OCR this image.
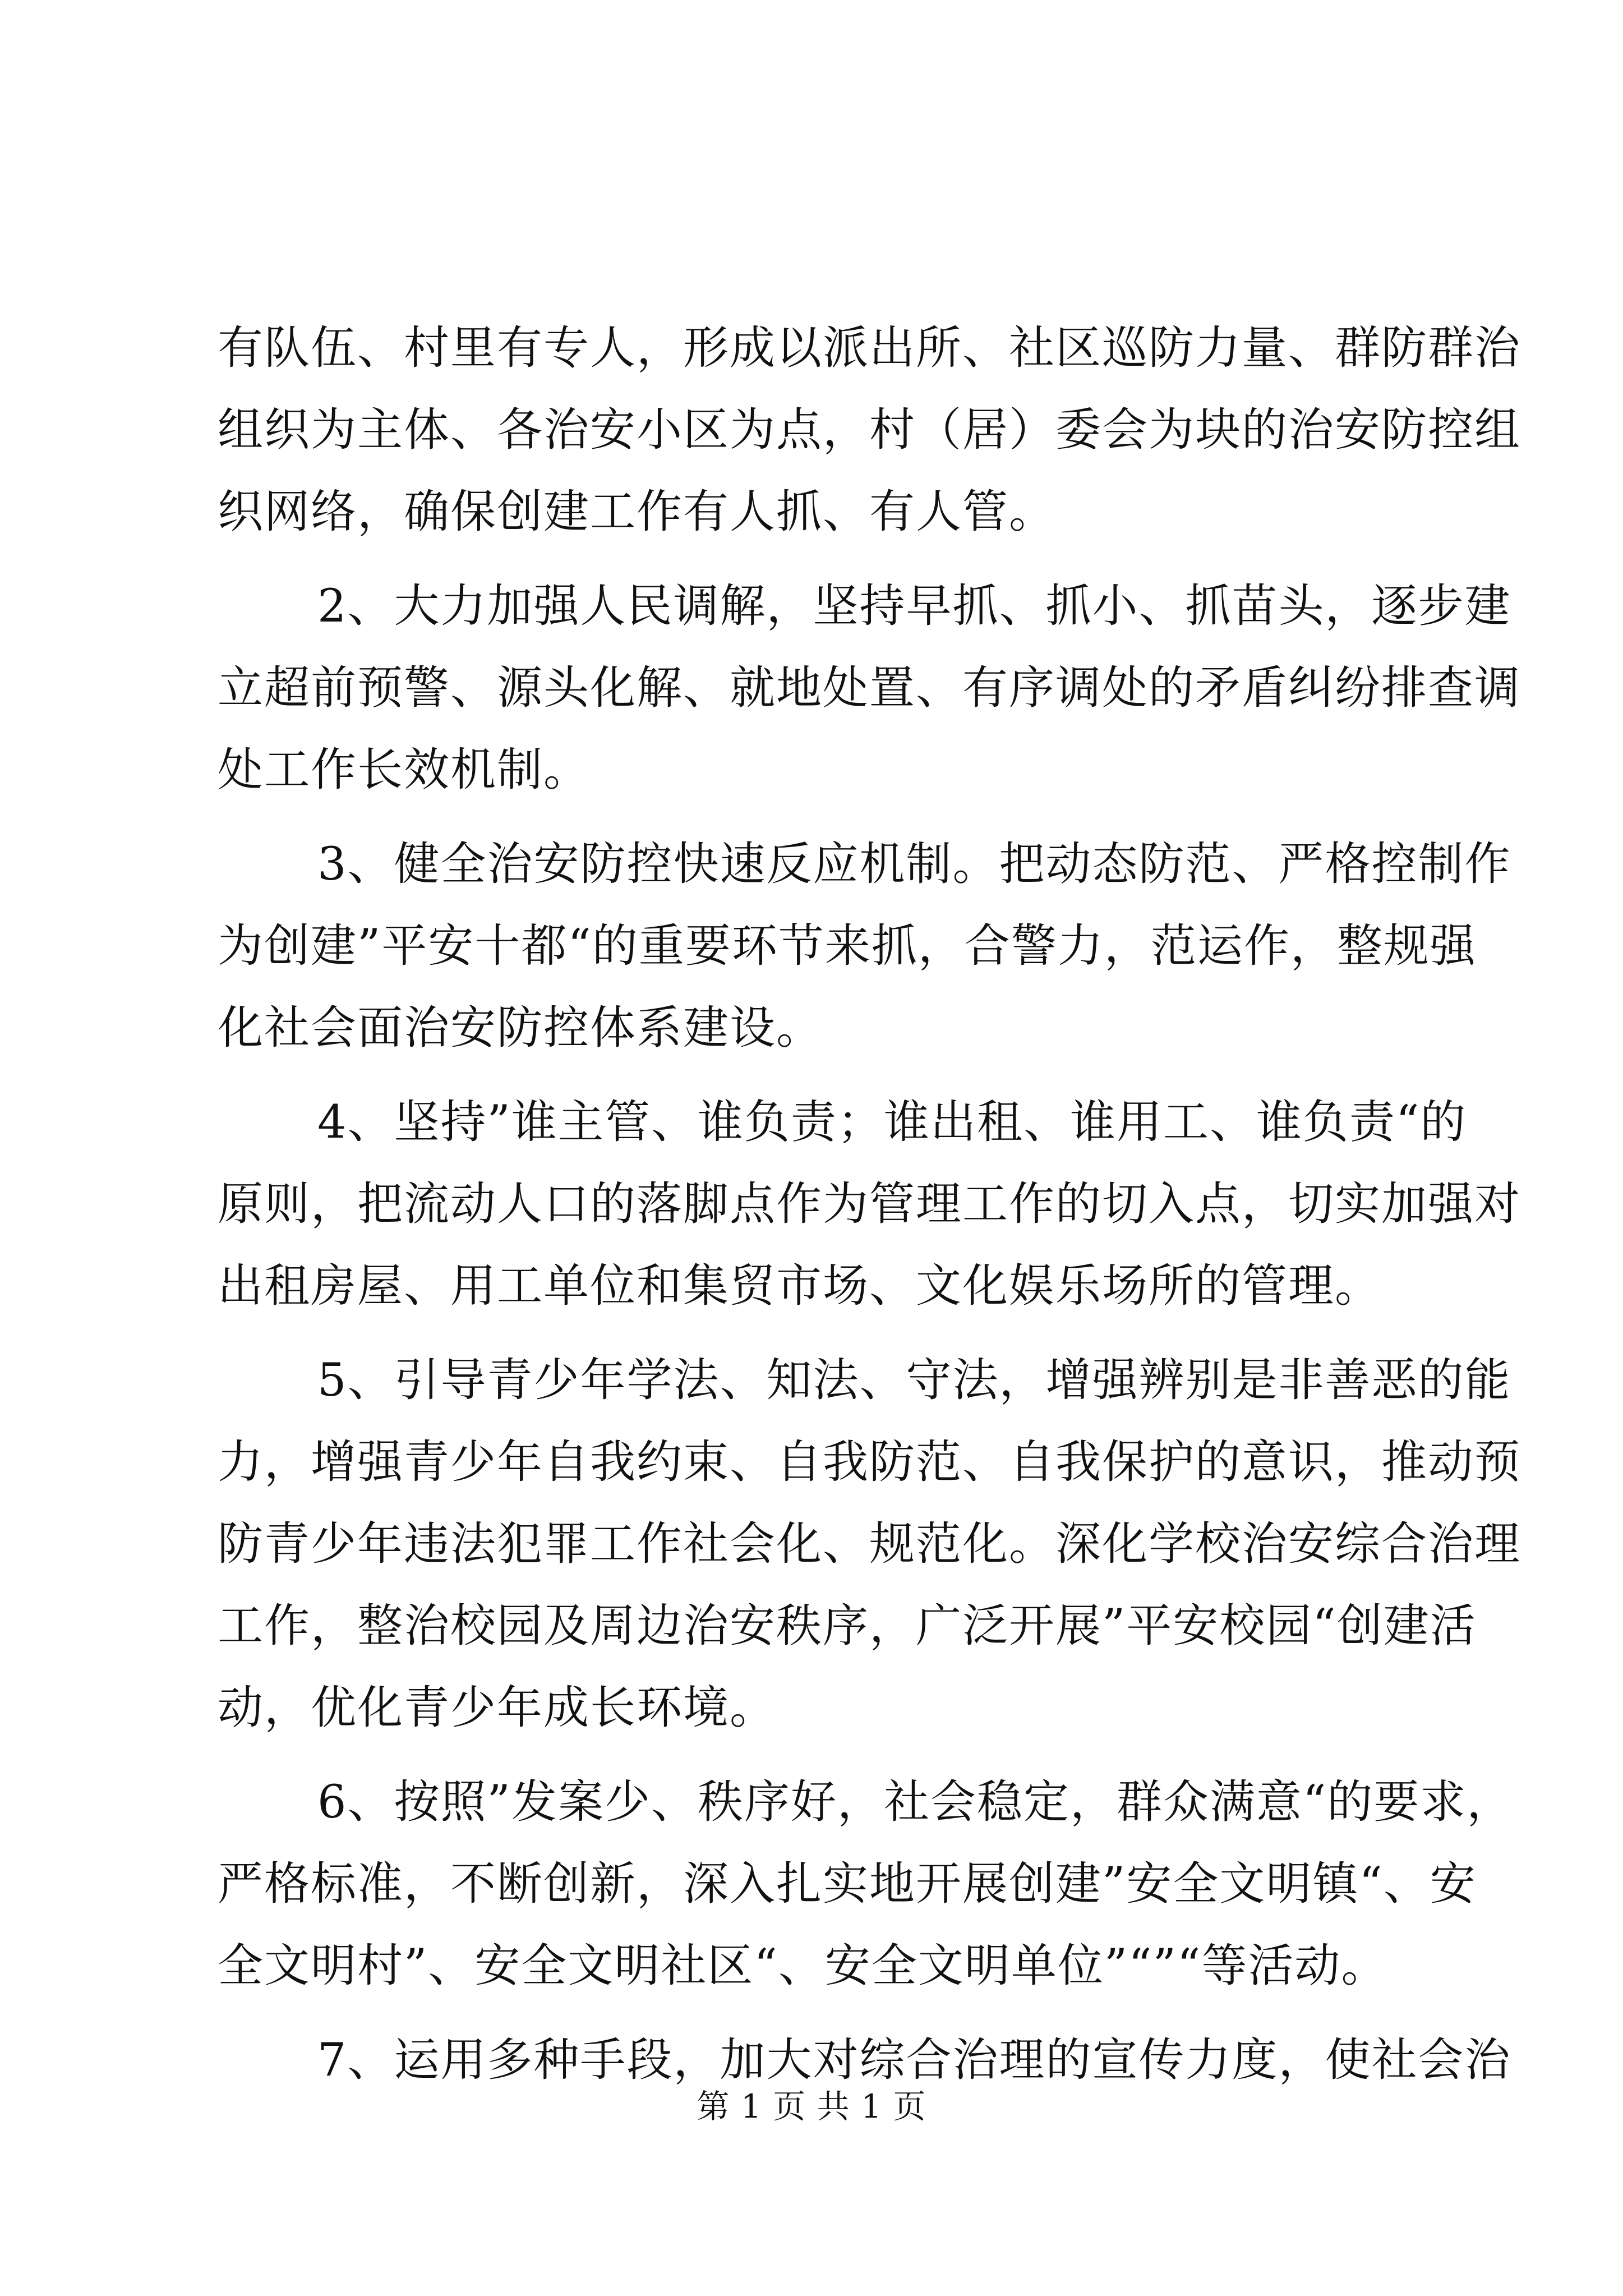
有队伍、村里有专人，形成以派出所、社区巡防力量、群防群治
组织为主体、各治安小区为点，村（居）委会为块的治安防控组
织网络，确保创建工作有人抓、有人管。
2、大力加强人民调解，坚持早抓、抓小、抓苗头，逐步建
立超前预警、源头化解、就地处置、有序调处的矛盾纠纷排查调
处工作长效机制。
3、健全治安防控快速反应机制。把动态防范、严格控制作
为创建”平安十都“的重要环节来抓，合警力，范运作，整规强
化社会面治安防控体系建设。
4、坚持”谁主管、谁负责；谁出租、谁用工、谁负责“的
原则，把流动人口的落脚点作为管理工作的切入点，切实加强对
出租房屋、用工单位和集贸市场、文化娱乐场所的管理。
5、引导青少年学法、知法、守法，增强辨别是非善恶的能
力，增强青少年自我约束、自我防范、自我保护的意识，推动预
防青少年违法犯罪工作社会化、规范化。深化学校治安综合治理
工作，整治校园及周边治安秩序，广泛开展”平安校园“创建活
动，优化青少年成长环境。
6、按照”发案少、秩序好，社会稳定，群众满意“的要求，
严格标准，不断创新，深入扎实地开展创建”安全文明镇“、安
全文明村”、安全文明社区“、安全文明单位”“”“等活动。
7、运用多种手段，加大对综合治理的宣传力度，使社会治
第 1 页 共 1 页
